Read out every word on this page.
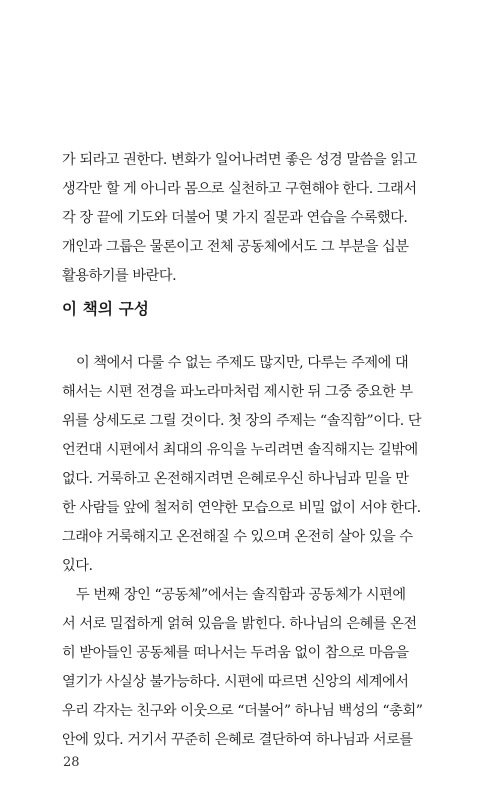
가 되라고 권한다. 변화가 일어나려면 좋은 성경 말씀을 읽고
생각만 할 게 아니라 몸으로 실천하고 구현해야 한다. 그래서
각 장 끝에 기도와 더불어 몇 가지 질문과 연습을 수록했다.
개인과 그룹은 물론이고 전체 공동체에서도 그 부분을 십분
활용하기를 바란다.
이 책의 구성
이 책에서 다룰 수 없는 주제도 많지만, 다루는 주제에 대
해서는 시편 전경을 파노라마처럼 제시한 뒤 그중 중요한 부
위를 상세도로 그릴 것이다. 첫 장의 주제는 “솔직함”이다. 단
언컨대 시편에서 최대의 유익을 누리려면 솔직해지는 길밖에
없다. 거룩하고 온전해지려면 은혜로우신 하나님과 믿을 만
한 사람들 앞에 철저히 연약한 모습으로 비밀 없이 서야 한다.
그래야 거룩해지고 온전해질 수 있으며 온전히 살아 있을 수
있다.
두 번째 장인 “공동체”에서는 솔직함과 공동체가 시편에
서 서로 밀접하게 얽혀 있음을 밝힌다. 하나님의 은혜를 온전
히 받아들인 공동체를 떠나서는 두려움 없이 참으로 마음을
열기가 사실상 불가능하다. 시편에 따르면 신앙의 세계에서
우리 각자는 친구와 이웃으로 “더불어” 하나님 백성의 “총회”
안에 있다. 거기서 꾸준히 은혜로 결단하여 하나님과 서로를
28
